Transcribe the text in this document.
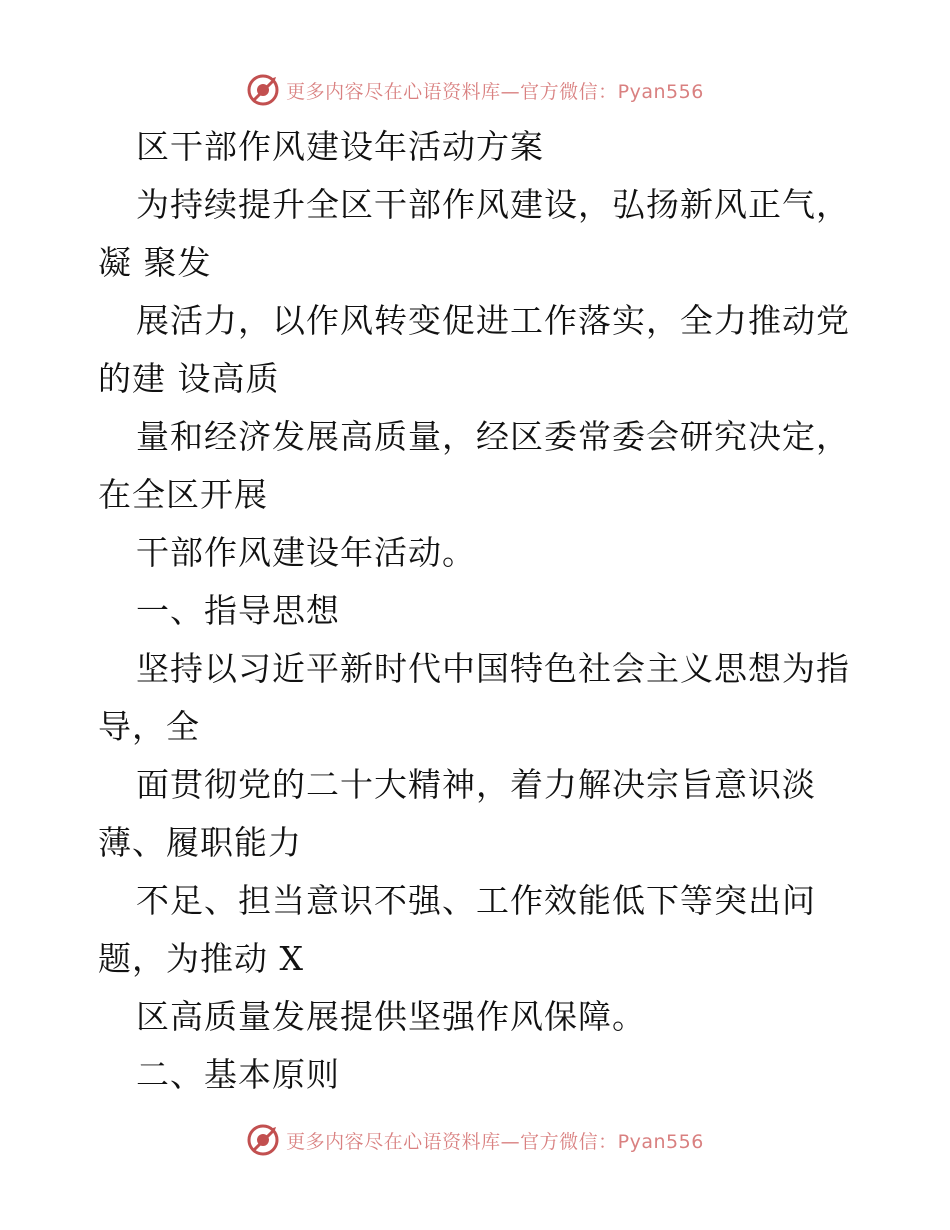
更多内容尽在心语资料库—官方微信：Pyan556
区干部作风建设年活动方案
为持续提升全区干部作风建设，弘扬新风正气，
凝 聚发
展活力，以作风转变促进工作落实，全力推动党
的建 设高质
量和经济发展高质量，经区委常委会研究决定，
在全区开展
干部作风建设年活动。
一、指导思想
坚持以习近平新时代中国特色社会主义思想为指
导，全
面贯彻党的二十大精神，着力解决宗旨意识淡
薄、履职能力
不足、担当意识不强、工作效能低下等突出问
题，为推动 X
区高质量发展提供坚强作风保障。
二、基本原则
更多内容尽在心语资料库—官方微信：Pyan556
